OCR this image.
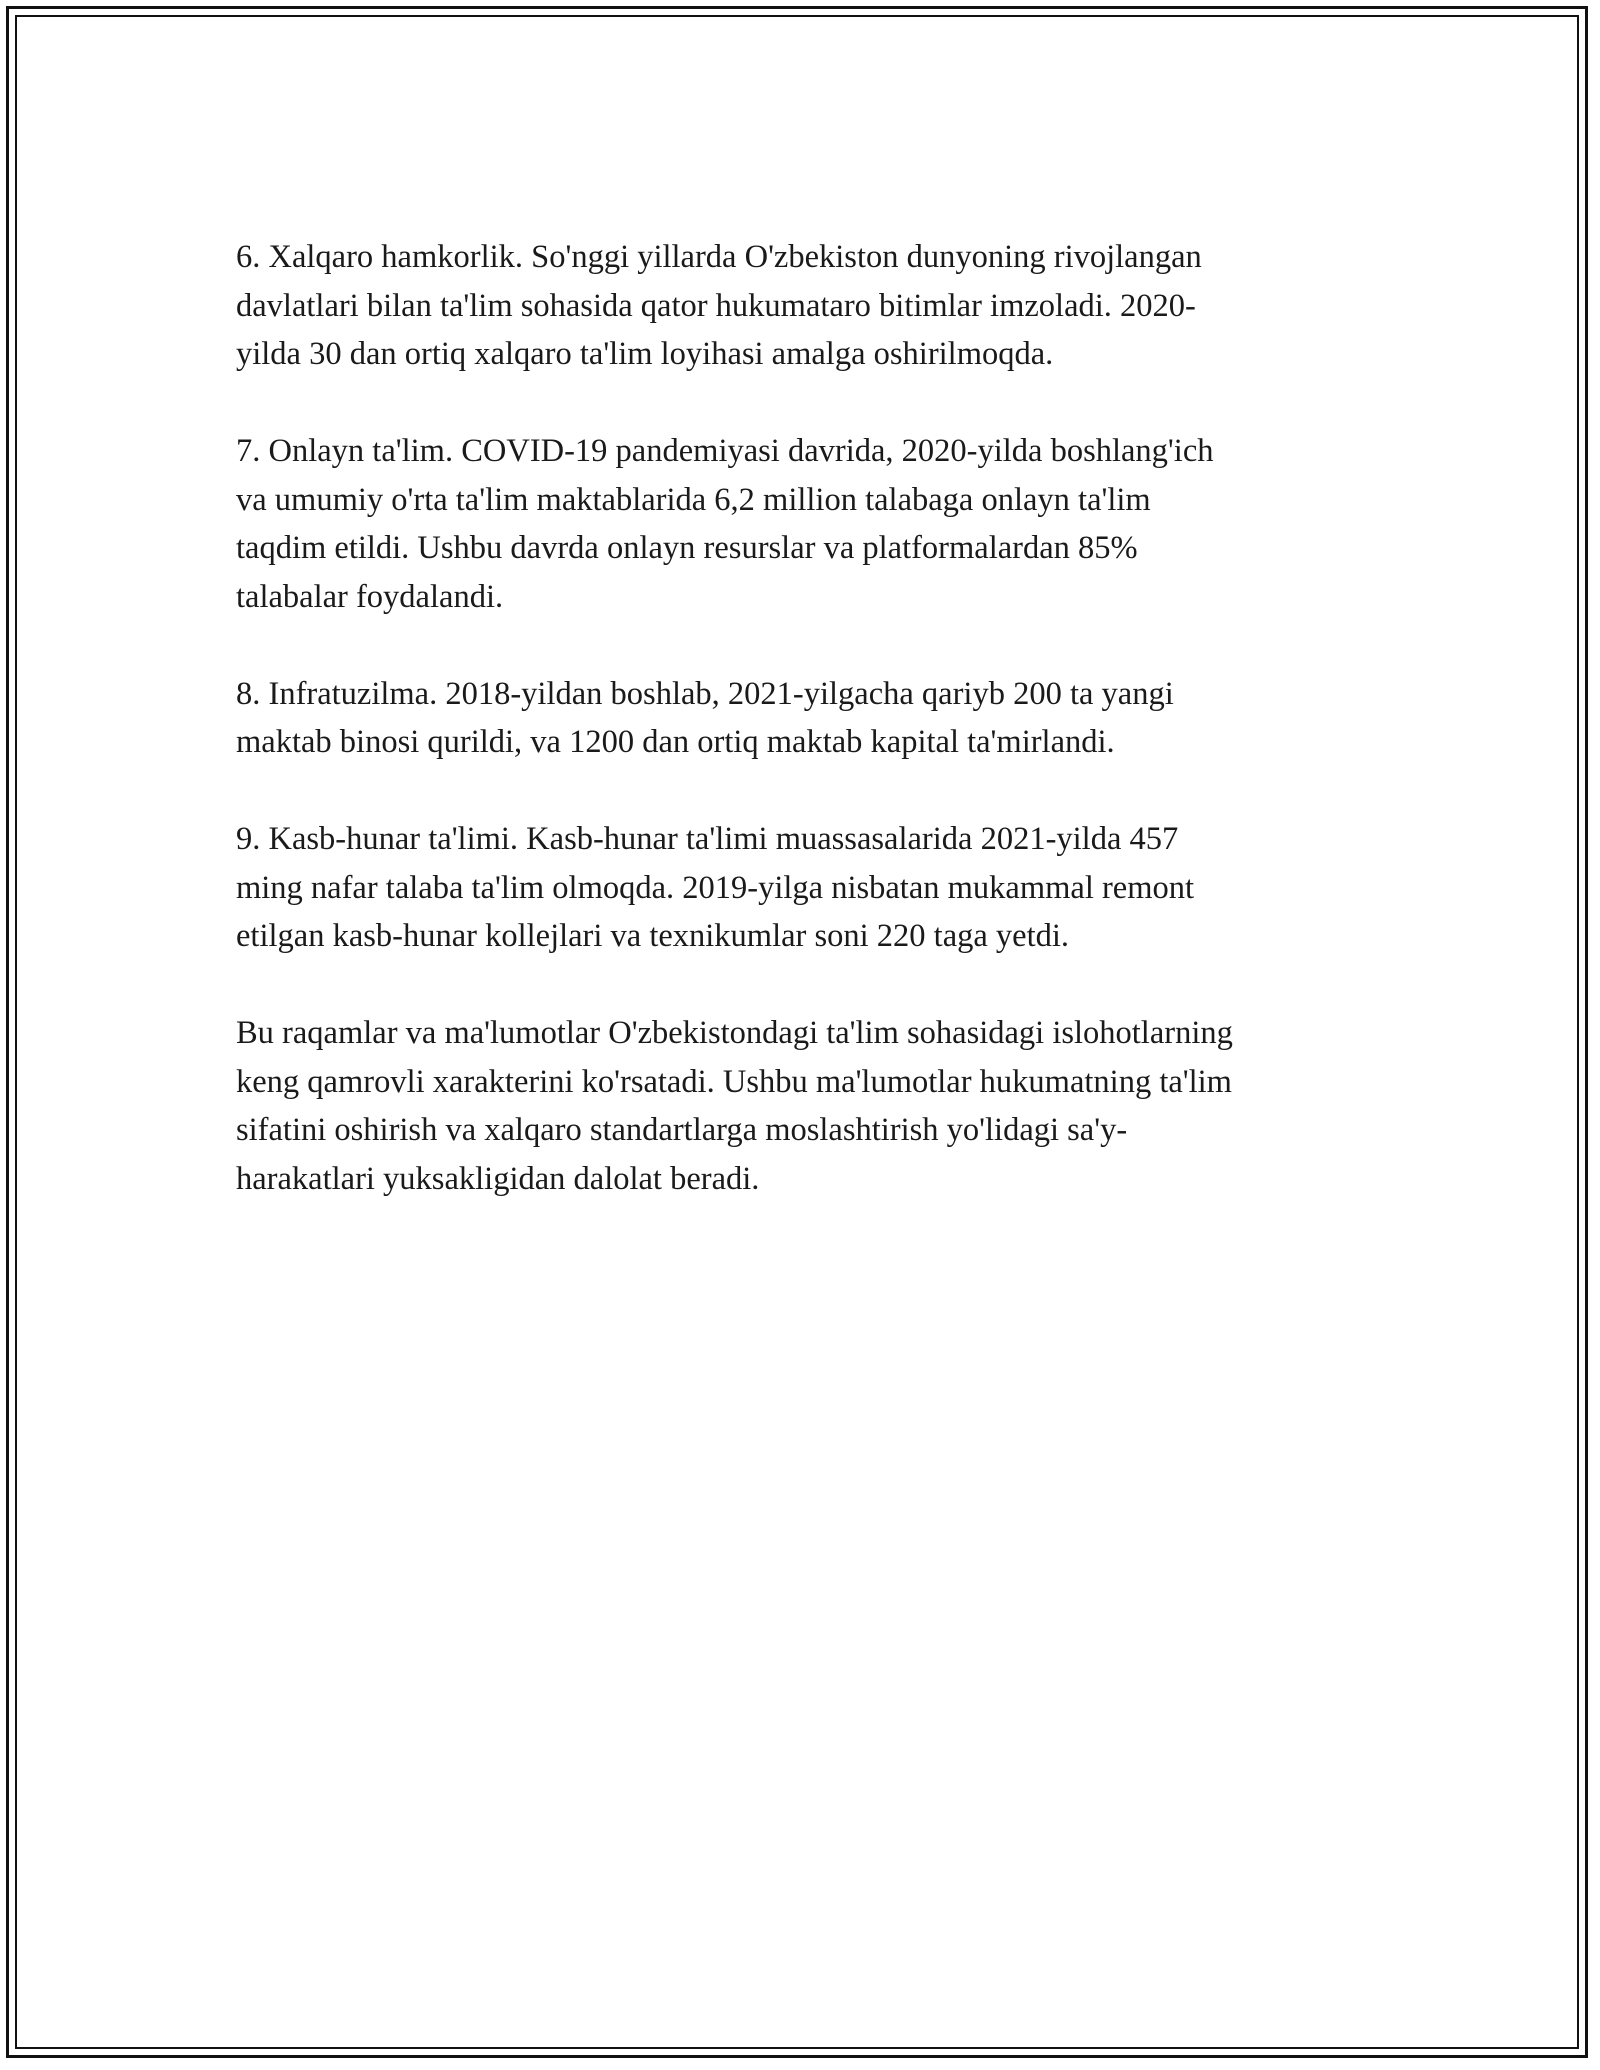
6. Xalqaro hamkorlik. So'nggi yillarda O'zbekiston dunyoning rivojlangan
davlatlari bilan ta'lim sohasida qator hukumataro bitimlar imzoladi. 2020-
yilda 30 dan ortiq xalqaro ta'lim loyihasi amalga oshirilmoqda.

7. Onlayn ta'lim. COVID-19 pandemiyasi davrida, 2020-yilda boshlang'ich
va umumiy o'rta ta'lim maktablarida 6,2 million talabaga onlayn ta'lim
taqdim etildi. Ushbu davrda onlayn resurslar va platformalardan 85%
talabalar foydalandi.

8. Infratuzilma. 2018-yildan boshlab, 2021-yilgacha qariyb 200 ta yangi
maktab binosi qurildi, va 1200 dan ortiq maktab kapital ta'mirlandi.

9. Kasb-hunar ta'limi. Kasb-hunar ta'limi muassasalarida 2021-yilda 457
ming nafar talaba ta'lim olmoqda. 2019-yilga nisbatan mukammal remont
etilgan kasb-hunar kollejlari va texnikumlar soni 220 taga yetdi.

Bu raqamlar va ma'lumotlar O'zbekistondagi ta'lim sohasidagi islohotlarning
keng qamrovli xarakterini ko'rsatadi. Ushbu ma'lumotlar hukumatning ta'lim
sifatini oshirish va xalqaro standartlarga moslashtirish yo'lidagi sa'y-
harakatlari yuksakligidan dalolat beradi.
